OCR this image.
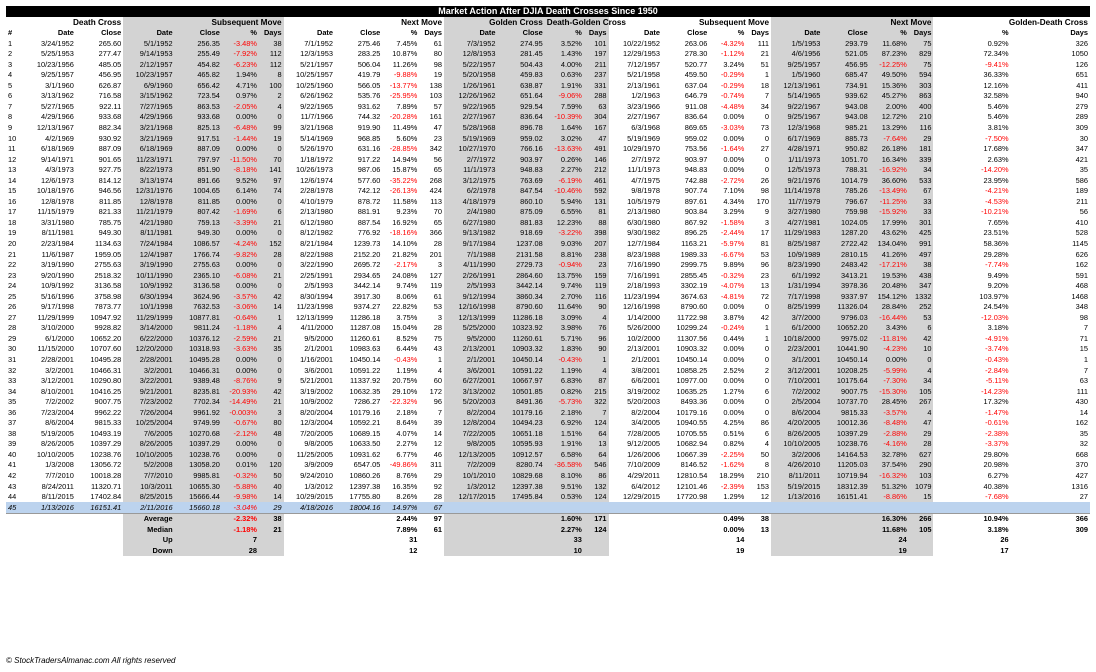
Market Action After DJIA Death Crosses Since 1950
	Death Cross		Subsequent Move				Next Move				Golden Cross		Death-Golden Cross		Subsequent Move				Next Move				Golden-Death Cross	
#	Date	Close	Date	Close	%	Days	Date	Close	%	Days	Date	Close	%	Days	Date	Close	%	Days	Date	Close	%	Days	%	Days
1	3/24/1952	265.60	5/1/1952	256.35	-3.48%	38	7/1/1952	275.46	7.45%	61	7/3/1952	274.95	3.52%	101	10/22/1952	263.06	-4.32%	111	1/5/1953	293.79	11.68%	75	0.92%	326
2	5/25/1953	277.47	9/14/1953	255.49	-7.92%	112	12/3/1953	283.25	10.87%	80	12/8/1953	281.45	1.43%	197	12/29/1953	278.30	-1.12%	21	4/6/1956	521.05	87.23%	829	72.34%	1050
3	10/23/1956	485.05	2/12/1957	454.82	-6.23%	112	5/21/1957	506.04	11.26%	98	5/22/1957	504.43	4.00%	211	7/12/1957	520.77	3.24%	51	9/25/1957	456.95	-12.25%	75	-9.41%	126
4	9/25/1957	456.95	10/23/1957	465.82	1.94%	8	10/25/1957	419.79	-9.88%	19	5/20/1958	459.83	0.63%	237	5/21/1958	459.50	-0.29%	1	1/5/1960	685.47	49.50%	594	36.33%	651
5	3/1/1960	626.87	6/9/1960	656.42	4.71%	100	10/25/1960	566.05	-13.77%	138	1/26/1961	638.87	1.91%	331	2/13/1961	637.04	-0.29%	18	12/13/1961	734.91	15.36%	303	12.16%	411
6	3/13/1962	716.58	3/15/1962	723.54	0.97%	2	6/26/1962	535.76	-25.95%	103	12/26/1962	651.64	-9.06%	288	1/2/1963	646.79	-0.74%	7	5/14/1965	939.62	45.27%	863	32.58%	940
7	5/27/1965	922.11	7/27/1965	863.53	-2.05%	4	9/22/1965	931.62	7.89%	57	9/22/1965	929.54	7.59%	63	3/23/1966	911.08	-4.48%	34	9/22/1967	943.08	2.00%	400	5.46%	279
8	4/29/1966	933.68	4/29/1966	933.68	0.00%	0	11/7/1966	744.32	-20.28%	161	2/27/1967	836.64	-10.39%	304	2/27/1967	836.64	0.00%	0	9/25/1967	943.08	12.72%	210	5.46%	289
9	12/13/1967	882.34	3/21/1968	825.13	-6.48%	99	3/21/1968	919.90	11.49%	47	5/28/1968	896.78	1.64%	167	6/3/1968	869.65	-3.03%	73	12/3/1968	985.21	13.29%	116	3.81%	309
10	4/2/1969	930.92	3/21/1969	917.51	-1.44%	19	5/14/1969	968.85	5.60%	23	5/19/1969	959.02	3.02%	47	5/19/1969	959.02	0.00%	0	6/17/1969	885.73	-7.64%	29	-7.50%	30
11	6/18/1969	887.09	6/18/1969	887.09	0.00%	0	5/26/1970	631.16	-28.85%	342	10/27/1970	766.16	-13.63%	491	10/29/1970	753.56	-1.64%	27	4/28/1971	950.82	26.18%	181	17.68%	347
12	9/14/1971	901.65	11/23/1971	797.97	-11.50%	70	1/18/1972	917.22	14.94%	56	2/7/1972	903.97	0.26%	146	2/7/1972	903.97	0.00%	0	1/11/1973	1051.70	16.34%	339	2.63%	421
13	4/3/1973	927.75	8/22/1973	851.90	-8.18%	141	10/26/1973	987.06	15.87%	65	11/1/1973	948.83	2.27%	212	11/1/1973	948.83	0.00%	0	12/5/1973	788.31	-16.92%	34	-14.20%	35
14	12/6/1973	814.12	3/13/1974	891.66	9.52%	97	12/6/1974	577.60	-35.22%	268	3/12/1975	763.69	-6.19%	461	4/7/1975	742.88	-2.72%	26	9/21/1976	1014.79	36.60%	533	23.95%	586
15	10/18/1976	946.56	12/31/1976	1004.65	6.14%	74	2/28/1978	742.12	-26.13%	424	6/2/1978	847.54	-10.46%	592	9/8/1978	907.74	7.10%	98	11/14/1978	785.26	-13.49%	67	-4.21%	189
16	12/8/1978	811.85	12/8/1978	811.85	0.00%	0	4/10/1979	878.72	11.58%	113	4/18/1979	860.10	5.94%	131	10/5/1979	897.61	4.34%	170	11/7/1979	796.67	-11.25%	33	-4.53%	211
17	11/15/1979	821.33	11/21/1979	807.42	-1.69%	6	2/13/1980	881.91	9.23%	70	2/4/1980	875.09	6.55%	81	2/13/1980	903.84	3.29%	9	3/27/1980	759.98	-15.92%	33	-10.21%	56
18	3/31/1980	785.75	4/21/1980	759.13	-3.39%	21	6/12/1980	887.54	16.92%	65	6/27/1980	881.83	12.23%	88	6/30/1980	867.92	-1.58%	3	4/27/1981	1024.05	17.99%	301	7.65%	410
19	8/11/1981	949.30	8/11/1981	949.30	0.00%	0	8/12/1982	776.92	-18.16%	366	9/13/1982	918.69	-3.22%	398	9/30/1982	896.25	-2.44%	17	11/29/1983	1287.20	43.62%	425	23.51%	528
20	2/23/1984	1134.63	7/24/1984	1086.57	-4.24%	152	8/21/1984	1239.73	14.10%	28	9/17/1984	1237.08	9.03%	207	12/7/1984	1163.21	-5.97%	81	8/25/1987	2722.42	134.04%	991	58.36%	1145
21	11/6/1987	1959.05	12/4/1987	1766.74	-9.82%	28	8/22/1988	2152.20	21.82%	201	7/1/1988	2131.58	8.81%	238	8/23/1988	1989.33	-6.67%	53	10/9/1989	2810.15	41.26%	497	29.28%	626
22	3/19/1990	2755.63	3/19/1990	2755.63	0.00%	0	3/22/1990	2695.72	-2.17%	3	4/11/1990	2729.73	-0.94%	23	7/16/1990	2999.75	9.89%	96	8/23/1990	2483.42	-17.21%	38	-7.74%	162
23	9/20/1990	2518.32	10/11/1990	2365.10	-6.08%	21	2/25/1991	2934.65	24.08%	127	2/26/1991	2864.60	13.75%	159	7/16/1991	2855.45	-0.32%	23	6/1/1992	3413.21	19.53%	438	9.49%	591
24	10/9/1992	3136.58	10/9/1992	3136.58	0.00%	0	2/5/1993	3442.14	9.74%	119	2/5/1993	3442.14	9.74%	119	2/18/1993	3302.19	-4.07%	13	1/31/1994	3978.36	20.48%	347	9.20%	468
25	5/16/1996	3758.98	6/30/1994	3624.96	-3.57%	42	8/30/1994	3917.30	8.06%	61	9/12/1994	3860.34	2.70%	116	11/23/1994	3674.63	-4.81%	72	7/17/1998	9337.97	154.12%	1332	103.97%	1468
26	9/17/1998	7873.77	10/1/1998	7632.53	-3.06%	14	11/23/1998	9374.27	22.82%	53	12/16/1998	8790.60	11.64%	90	12/16/1998	8790.60	0.00%	0	8/25/1999	11326.04	28.84%	252	24.54%	348
27	11/29/1999	10947.92	11/29/1999	10877.81	-0.64%	1	12/13/1999	11286.18	3.75%	3	12/13/1999	11286.18	3.09%	4	1/14/2000	11722.98	3.87%	42	3/7/2000	9796.03	-16.44%	53	-12.03%	98
28	3/10/2000	9928.82	3/14/2000	9811.24	-1.18%	4	4/11/2000	11287.08	15.04%	28	5/25/2000	10323.92	3.98%	76	5/26/2000	10299.24	-0.24%	1	6/1/2000	10652.20	3.43%	6	3.18%	7
29	6/1/2000	10652.20	6/22/2000	10376.12	-2.59%	21	9/5/2000	11260.61	8.52%	75	9/5/2000	11260.61	5.71%	96	10/2/2000	11307.56	0.44%	1	10/18/2000	9975.02	-11.81%	42	-4.91%	71
30	11/15/2000	10707.60	12/20/2000	10318.93	-3.63%	35	2/1/2001	10983.63	6.44%	43	2/13/2001	10903.32	1.83%	90	2/13/2001	10903.32	0.00%	0	2/23/2001	10441.90	-4.23%	10	-3.74%	15
31	2/28/2001	10495.28	2/28/2001	10495.28	0.00%	0	1/16/2001	10450.14	-0.43%	1	2/1/2001	10450.14	-0.43%	1	2/1/2001	10450.14	0.00%	0	3/1/2001	10450.14	0.00%	0	-0.43%	1
32	3/2/2001	10466.31	3/2/2001	10466.31	0.00%	0	3/6/2001	10591.22	1.19%	4	3/6/2001	10591.22	1.19%	4	3/8/2001	10858.25	2.52%	2	3/12/2001	10208.25	-5.99%	4	-2.84%	7
33	3/12/2001	10290.80	3/22/2001	9389.48	-8.76%	9	5/21/2001	11337.92	20.75%	60	6/27/2001	10667.97	6.83%	87	6/6/2001	10977.00	0.00%	0	7/10/2001	10175.64	-7.30%	34	-5.11%	63
34	8/10/2001	10416.25	9/21/2001	8235.81	-20.93%	42	3/19/2002	10632.35	29.10%	172	3/13/2002	10501.85	0.82%	215	3/19/2002	10635.25	1.27%	6	7/2/2002	9007.75	-15.30%	105	-14.23%	111
35	7/2/2002	9007.75	7/23/2002	7702.34	-14.49%	21	10/9/2002	7286.27	-22.32%	96	5/20/2003	8491.36	-5.73%	322	5/20/2003	8493.36	0.00%	0	2/5/2004	10737.70	28.45%	267	17.32%	430
36	7/23/2004	9962.22	7/26/2004	9961.92	-0.003%	3	8/20/2004	10179.16	2.18%	7	8/2/2004	10179.16	2.18%	7	8/2/2004	10179.16	0.00%	0	8/6/2004	9815.33	-3.57%	4	-1.47%	14
37	8/6/2004	9815.33	10/25/2004	9749.99	-0.67%	80	12/3/2004	10592.21	8.64%	39	12/8/2004	10494.23	6.92%	124	3/4/2005	10940.55	4.25%	86	4/20/2005	10012.36	-8.48%	47	-0.61%	162
38	5/19/2005	10493.19	7/6/2005	10270.68	-2.12%	48	7/20/2005	10689.15	4.07%	14	7/22/2005	10651.18	1.51%	64	7/28/2005	10705.55	0.51%	6	8/26/2005	10397.29	-2.88%	29	-2.38%	35
39	8/26/2005	10397.29	8/26/2005	10397.29	0.00%	0	9/8/2005	10633.50	2.27%	12	9/8/2005	10595.93	1.91%	13	9/12/2005	10682.94	0.82%	4	10/10/2005	10238.76	-4.16%	28	-3.37%	32
40	10/10/2005	10238.76	10/10/2005	10238.76	0.00%	0	11/25/2005	10931.62	6.77%	46	12/13/2005	10912.57	6.58%	64	1/26/2006	10667.39	-2.25%	50	3/2/2006	14164.53	32.78%	627	29.80%	668
41	1/3/2008	13056.72	5/2/2008	13058.20	0.01%	120	3/9/2009	6547.05	-49.86%	311	7/2/2009	8280.74	-36.58%	546	7/10/2009	8146.52	-1.62%	8	4/26/2010	11205.03	37.54%	290	20.98%	370
42	7/7/2010	10018.28	7/7/2010	9985.81	-0.32%	50	9/24/2010	10860.26	8.76%	29	10/1/2010	10829.68	8.10%	86	4/29/2011	12810.54	18.29%	210	8/11/2011	10719.94	-16.32%	103	6.27%	427
43	8/24/2011	11320.71	10/3/2011	10655.30	-5.88%	40	1/3/2012	12397.38	16.35%	92	1/3/2012	12397.38	9.51%	132	6/4/2012	12101.46	-2.39%	153	5/19/2015	18312.39	51.32%	1079	40.38%	1316
44	8/11/2015	17402.84	8/25/2015	15666.44	-9.98%	14	10/29/2015	17755.80	8.26%	28	12/17/2015	17495.84	0.53%	124	12/29/2015	17720.98	1.29%	12	1/13/2016	16151.41	-8.86%	15	-7.68%	27
45	1/13/2016	16151.41	2/11/2016	15660.18	-3.04%	29	4/18/2016	18004.16	14.97%	67														
			Average		-2.32%	38			2.44%	97			1.60%	171			0.49%	38			16.30%	266	10.94%	366
			Median		-1.18%	21			7.89%	61			2.27%	124			0.00%	13			11.68%	105	3.18%	309
			Up		7				31				33				14				24		26	
			Down		28				12				10				19				19		17	
© StockTradersAlmanac.com All rights reserved
